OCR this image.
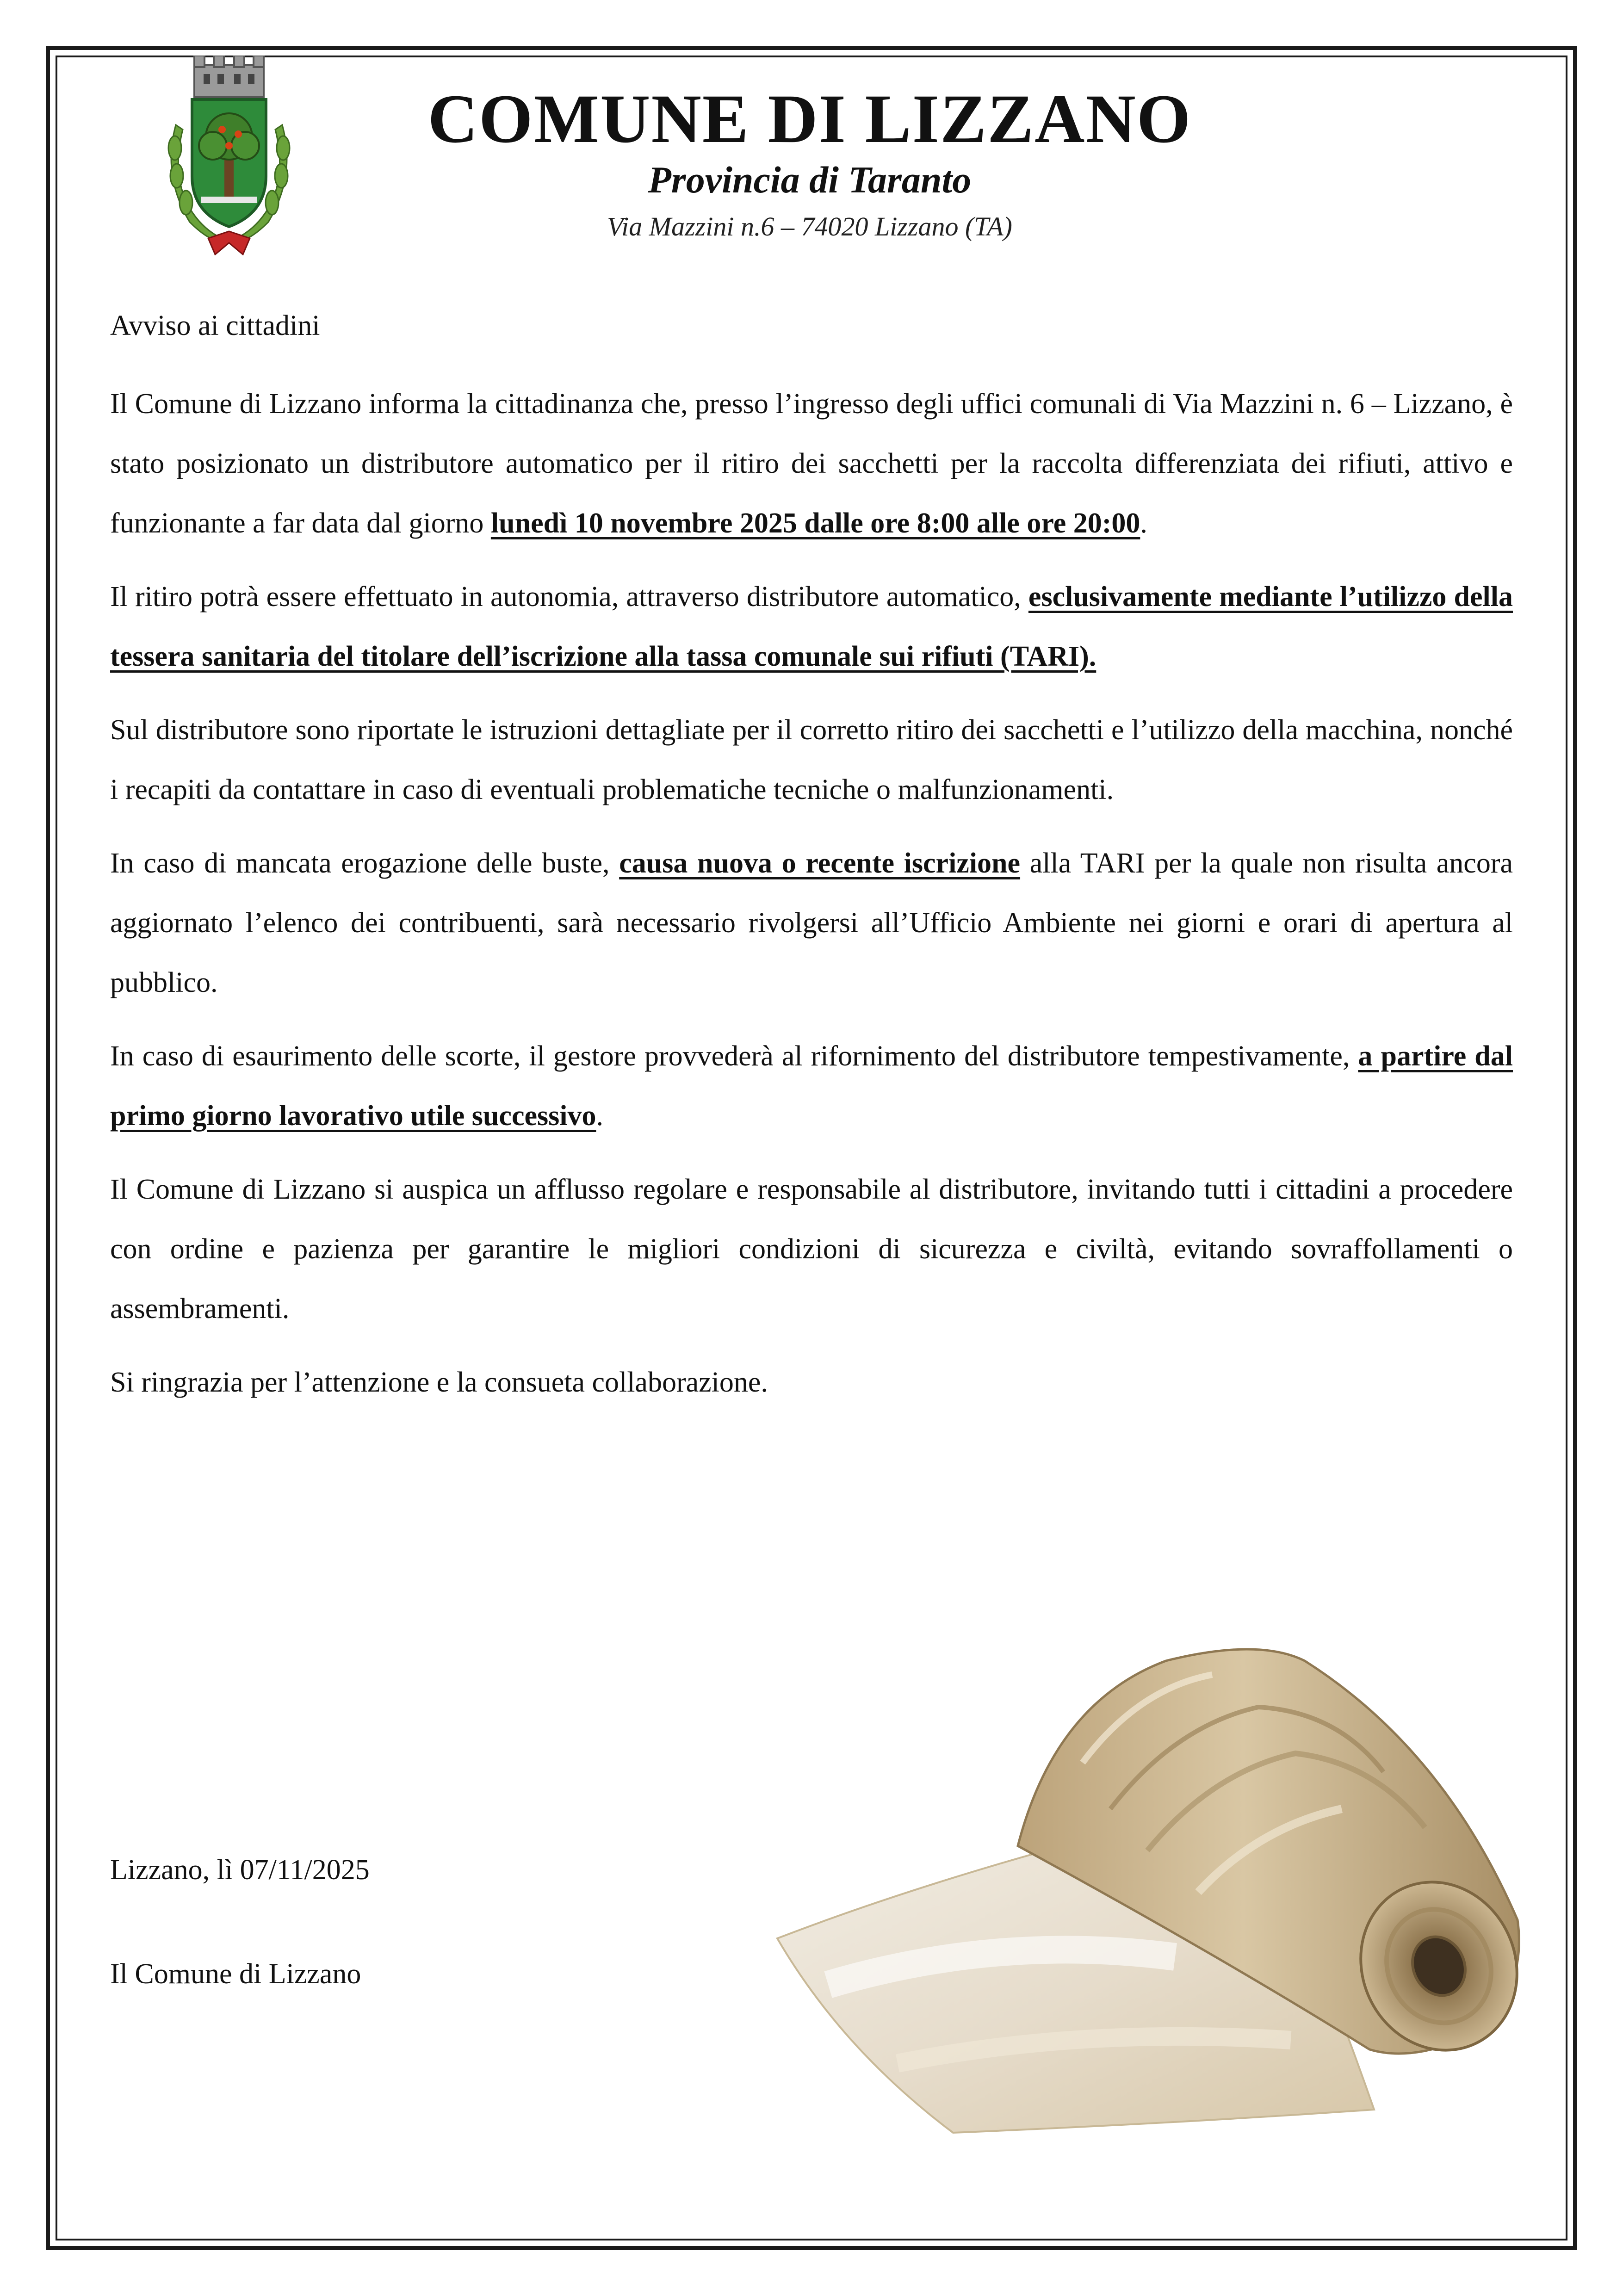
COMUNE DI LIZZANO
Provincia di Taranto
Via Mazzini n.6 – 74020 Lizzano (TA)

Avviso ai cittadini

Il Comune di Lizzano informa la cittadinanza che, presso l’ingresso degli uffici comunali di Via Mazzini n. 6 – Lizzano, è stato posizionato un distributore automatico per il ritiro dei sacchetti per la raccolta differenziata dei rifiuti, attivo e funzionante a far data dal giorno lunedì 10 novembre 2025 dalle ore 8:00 alle ore 20:00.

Il ritiro potrà essere effettuato in autonomia, attraverso distributore automatico, esclusivamente mediante l’utilizzo della tessera sanitaria del titolare dell’iscrizione alla tassa comunale sui rifiuti (TARI).

Sul distributore sono riportate le istruzioni dettagliate per il corretto ritiro dei sacchetti e l’utilizzo della macchina, nonché i recapiti da contattare in caso di eventuali problematiche tecniche o malfunzionamenti.

In caso di mancata erogazione delle buste, causa nuova o recente iscrizione alla TARI per la quale non risulta ancora aggiornato l’elenco dei contribuenti, sarà necessario rivolgersi all’Ufficio Ambiente nei giorni e orari di apertura al pubblico.

In caso di esaurimento delle scorte, il gestore provvederà al rifornimento del distributore tempestivamente, a partire dal primo giorno lavorativo utile successivo.

Il Comune di Lizzano si auspica un afflusso regolare e responsabile al distributore, invitando tutti i cittadini a procedere con ordine e pazienza per garantire le migliori condizioni di sicurezza e civiltà, evitando sovraffollamenti o assembramenti.

Si ringrazia per l’attenzione e la consueta collaborazione.

Lizzano, lì 07/11/2025
Il Comune di Lizzano
